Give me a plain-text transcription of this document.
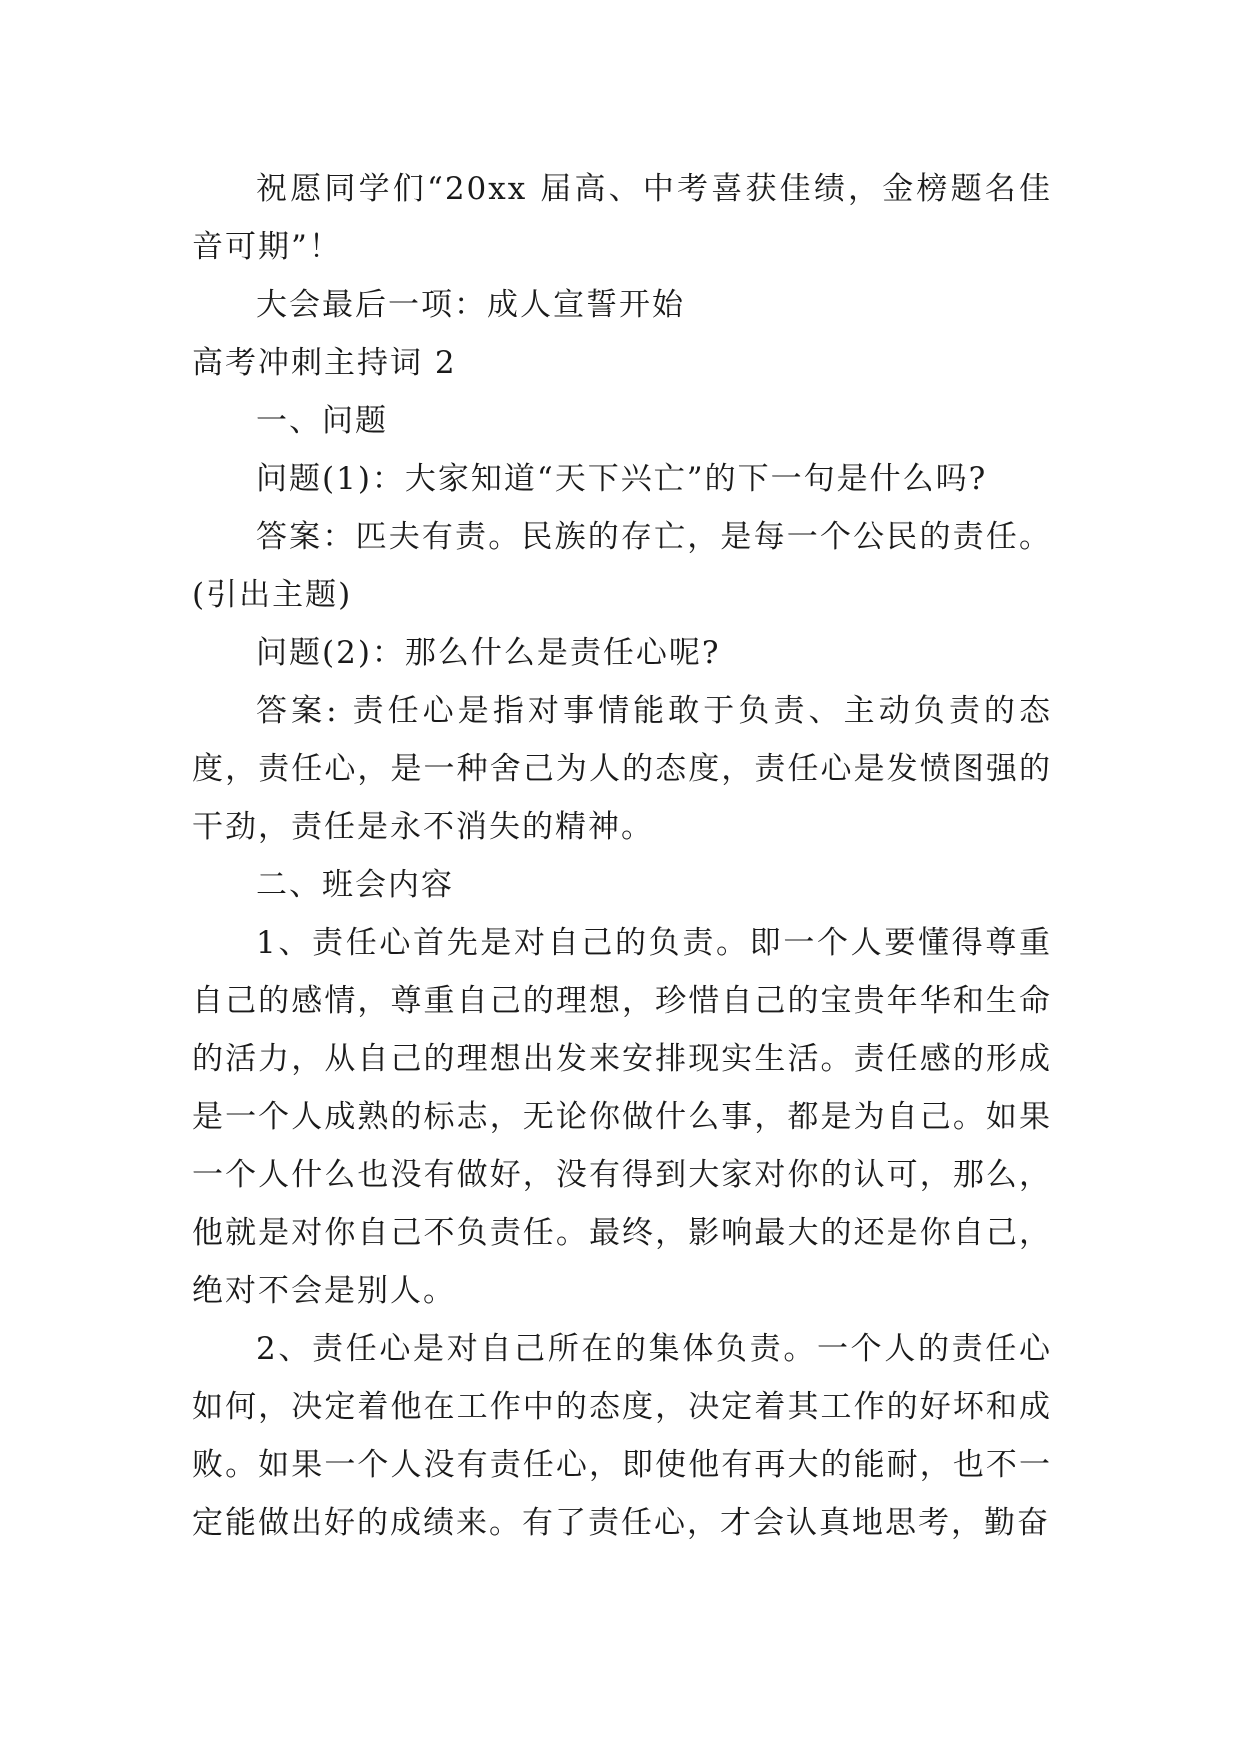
祝愿同学们“20xx 届高、中考喜获佳绩，金榜题名佳音可期”！

大会最后一项：成人宣誓开始

高考冲刺主持词 2

一、问题

问题(1)：大家知道“天下兴亡”的下一句是什么吗?

答案：匹夫有责。民族的存亡，是每一个公民的责任。(引出主题)

问题(2)：那么什么是责任心呢?

答案: 责任心是指对事情能敢于负责、主动负责的态度，责任心，是一种舍己为人的态度，责任心是发愤图强的干劲，责任是永不消失的精神。

二、班会内容

1、责任心首先是对自己的负责。即一个人要懂得尊重自己的感情，尊重自己的理想，珍惜自己的宝贵年华和生命的活力，从自己的理想出发来安排现实生活。责任感的形成是一个人成熟的标志，无论你做什么事，都是为自己。如果一个人什么也没有做好，没有得到大家对你的认可，那么，他就是对你自己不负责任。最终，影响最大的还是你自己，绝对不会是别人。

2、责任心是对自己所在的集体负责。一个人的责任心如何，决定着他在工作中的态度，决定着其工作的好坏和成败。如果一个人没有责任心，即使他有再大的能耐，也不一定能做出好的成绩来。有了责任心，才会认真地思考，勤奋
